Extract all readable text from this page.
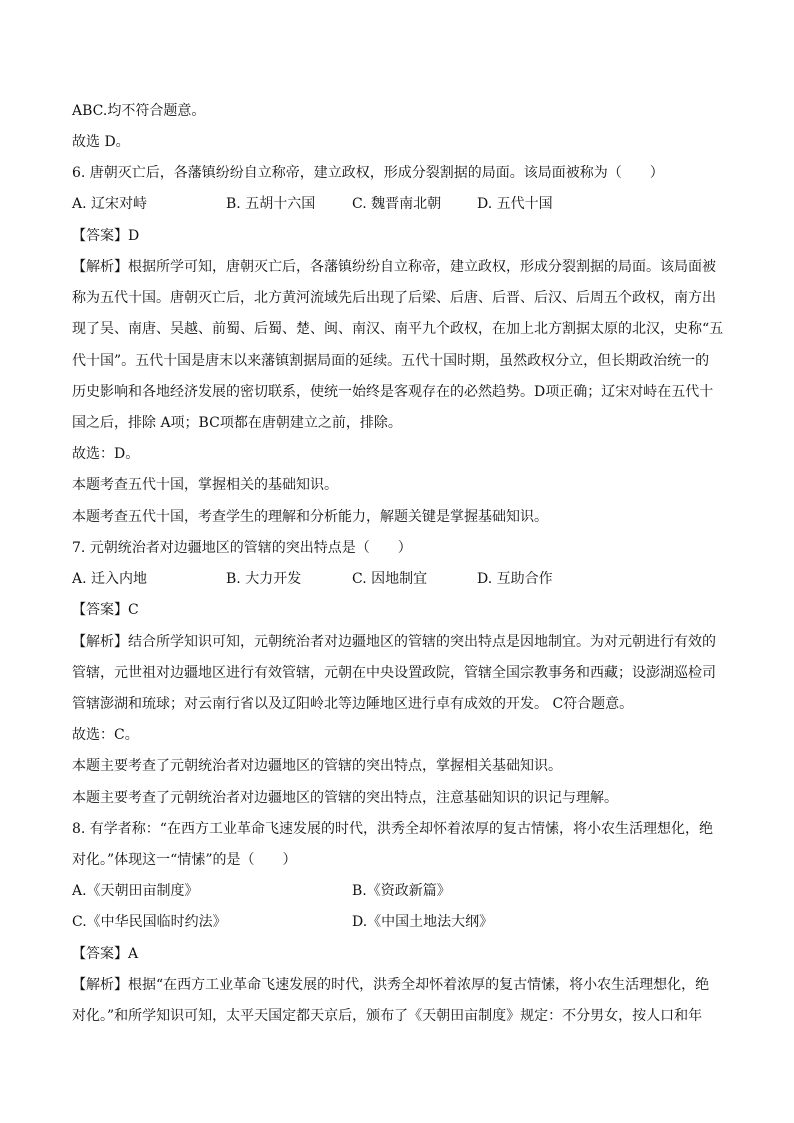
ABC.均不符合题意。
故选 D。
6. 唐朝灭亡后，各藩镇纷纷自立称帝，建立政权，形成分裂割据的局面。该局面被称为（　　）
A. 辽宋对峙	B. 五胡十六国	C. 魏晋南北朝	D. 五代十国
【答案】D
【解析】根据所学可知，唐朝灭亡后，各藩镇纷纷自立称帝，建立政权，形成分裂割据的局面。该局面被
称为五代十国。唐朝灭亡后，北方黄河流域先后出现了后梁、后唐、后晋、后汉、后周五个政权，南方出
现了吴、南唐、吴越、前蜀、后蜀、楚、闽、南汉、南平九个政权，在加上北方割据太原的北汉，史称“五
代十国”。五代十国是唐末以来藩镇割据局面的延续。五代十国时期，虽然政权分立，但长期政治统一的
历史影响和各地经济发展的密切联系，使统一始终是客观存在的必然趋势。D项正确；辽宋对峙在五代十
国之后，排除 A项；BC项都在唐朝建立之前，排除。
故选：D。
本题考查五代十国，掌握相关的基础知识。
本题考查五代十国，考查学生的理解和分析能力，解题关键是掌握基础知识。
7. 元朝统治者对边疆地区的管辖的突出特点是（　　）
A. 迁入内地	B. 大力开发	C. 因地制宜	D. 互助合作
【答案】C
【解析】结合所学知识可知，元朝统治者对边疆地区的管辖的突出特点是因地制宜。为对元朝进行有效的
管辖，元世祖对边疆地区进行有效管辖，元朝在中央设置政院，管辖全国宗教事务和西藏；设澎湖巡检司
管辖澎湖和琉球；对云南行省以及辽阳岭北等边陲地区进行卓有成效的开发。 C符合题意。
故选：C。
本题主要考查了元朝统治者对边疆地区的管辖的突出特点，掌握相关基础知识。
本题主要考查了元朝统治者对边疆地区的管辖的突出特点，注意基础知识的识记与理解。
8. 有学者称：“在西方工业革命飞速发展的时代，洪秀全却怀着浓厚的复古情愫，将小农生活理想化，绝
对化。”体现这一“情愫”的是（　　）
A.《天朝田亩制度》	B.《资政新篇》
C.《中华民国临时约法》	D.《中国土地法大纲》
【答案】A
【解析】根据“在西方工业革命飞速发展的时代，洪秀全却怀着浓厚的复古情愫，将小农生活理想化，绝
对化。”和所学知识可知，太平天国定都天京后，颁布了《天朝田亩制度》规定：不分男女，按人口和年
